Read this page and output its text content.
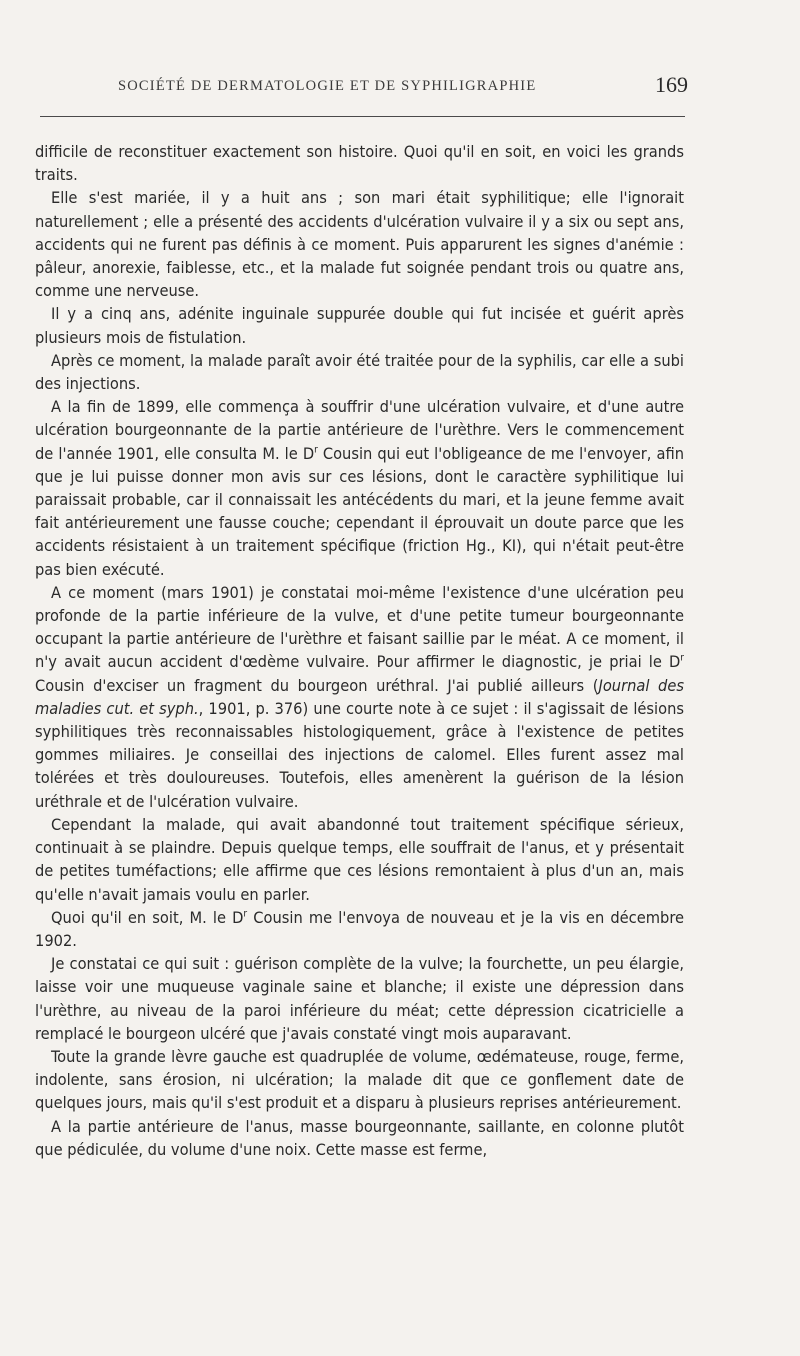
SOCIÉTÉ DE DERMATOLOGIE ET DE SYPHILIGRAPHIE	169

difficile de reconstituer exactement son histoire. Quoi qu'il en soit, en voici les grands traits.

Elle s'est mariée, il y a huit ans ; son mari était syphilitique; elle l'ignorait naturellement ; elle a présenté des accidents d'ulcération vulvaire il y a six ou sept ans, accidents qui ne furent pas définis à ce moment. Puis apparurent les signes d'anémie : pâleur, anorexie, faiblesse, etc., et la malade fut soignée pendant trois ou quatre ans, comme une nerveuse.

Il y a cinq ans, adénite inguinale suppurée double qui fut incisée et guérit après plusieurs mois de fistulation.

Après ce moment, la malade paraît avoir été traitée pour de la syphilis, car elle a subi des injections.

A la fin de 1899, elle commença à souffrir d'une ulcération vulvaire, et d'une autre ulcération bourgeonnante de la partie antérieure de l'urèthre. Vers le commencement de l'année 1901, elle consulta M. le $D^r$ Cousin qui eut l'obligeance de me l'envoyer, afin que je lui puisse donner mon avis sur ces lésions, dont le caractère syphilitique lui paraissait probable, car il connaissait les antécédents du mari, et la jeune femme avait fait antérieurement une fausse couche; cependant il éprouvait un doute parce que les accidents résistaient à un traitement spécifique (friction Hg., KI), qui n'était peut-être pas bien exécuté.

A ce moment (mars 1901) je constatai moi-même l'existence d'une ulcération peu profonde de la partie inférieure de la vulve, et d'une petite tumeur bourgeonnante occupant la partie antérieure de l'urèthre et faisant saillie par le méat. A ce moment, il n'y avait aucun accident d'œdème vulvaire. Pour affirmer le diagnostic, je priai le $D^r$ Cousin d'exciser un fragment du bourgeon uréthral. J'ai publié ailleurs (Journal des maladies cut. et syph., 1901, p. 376) une courte note à ce sujet : il s'agissait de lésions syphilitiques très reconnaissables histologiquement, grâce à l'existence de petites gommes miliaires. Je conseillai des injections de calomel. Elles furent assez mal tolérées et très douloureuses. Toutefois, elles amenèrent la guérison de la lésion uréthrale et de l'ulcération vulvaire.

Cependant la malade, qui avait abandonné tout traitement spécifique sérieux, continuait à se plaindre. Depuis quelque temps, elle souffrait de l'anus, et y présentait de petites tuméfactions; elle affirme que ces lésions remontaient à plus d'un an, mais qu'elle n'avait jamais voulu en parler.

Quoi qu'il en soit, M. le $D^r$ Cousin me l'envoya de nouveau et je la vis en décembre 1902.

Je constatai ce qui suit : guérison complète de la vulve; la fourchette, un peu élargie, laisse voir une muqueuse vaginale saine et blanche; il existe une dépression dans l'urèthre, au niveau de la paroi inférieure du méat; cette dépression cicatricielle a remplacé le bourgeon ulcéré que j'avais constaté vingt mois auparavant.

Toute la grande lèvre gauche est quadruplée de volume, œdémateuse, rouge, ferme, indolente, sans érosion, ni ulcération; la malade dit que ce gonflement date de quelques jours, mais qu'il s'est produit et a disparu à plusieurs reprises antérieurement.

A la partie antérieure de l'anus, masse bourgeonnante, saillante, en colonne plutôt que pédiculée, du volume d'une noix. Cette masse est ferme,
